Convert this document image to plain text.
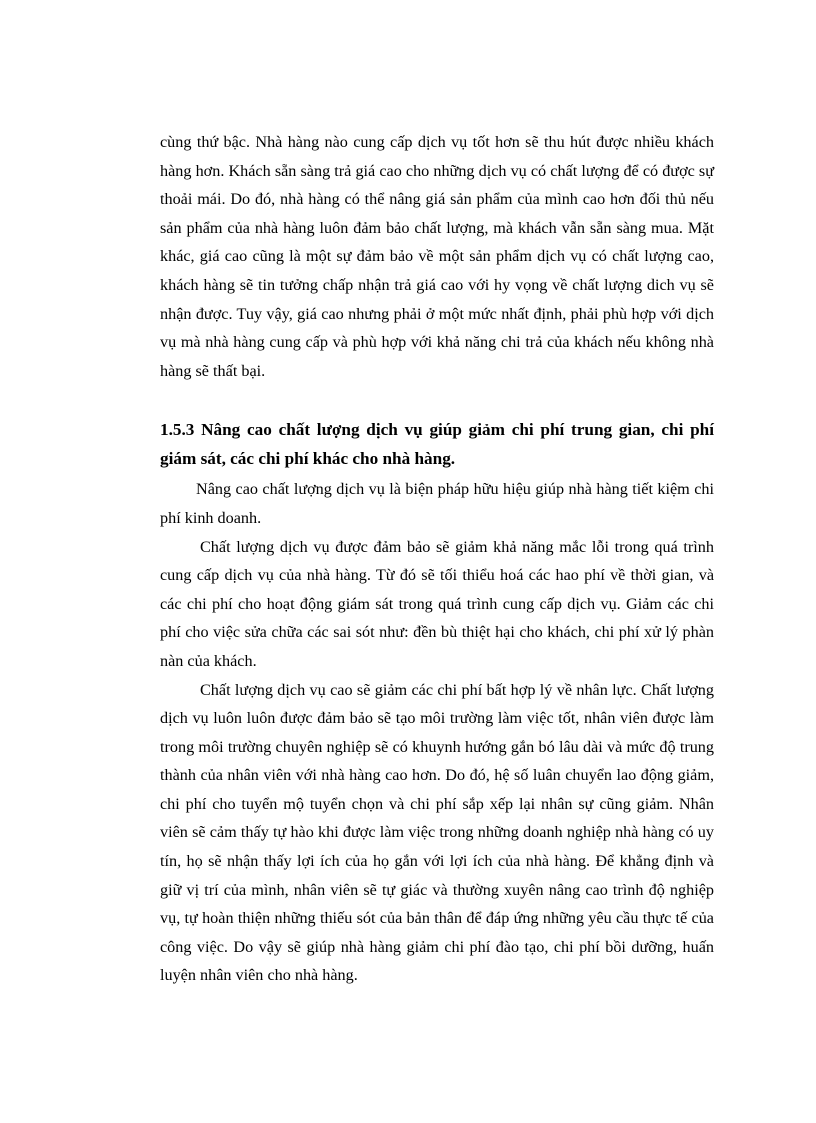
cùng thứ bậc. Nhà hàng nào cung cấp dịch vụ tốt hơn sẽ thu hút được nhiều khách hàng hơn. Khách sẵn sàng trả giá cao cho những dịch vụ có chất lượng để có được sự thoải mái. Do đó, nhà hàng có thể nâng giá sản phẩm của mình cao hơn đối thủ nếu sản phẩm của nhà hàng luôn đảm bảo chất lượng, mà khách vẫn sẵn sàng mua. Mặt khác, giá cao cũng là một sự đảm bảo về một sản phẩm dịch vụ có chất lượng cao, khách hàng sẽ tin tưởng chấp nhận trả giá cao với hy vọng về chất lượng dich vụ sẽ nhận được. Tuy vậy, giá cao nhưng phải ở một mức nhất định, phải phù hợp với dịch vụ mà nhà hàng cung cấp và phù hợp với khả năng chi trả của khách nếu không nhà hàng sẽ thất bại.

1.5.3 Nâng cao chất lượng dịch vụ giúp giảm chi phí trung gian, chi phí giám sát, các chi phí khác cho nhà hàng.

Nâng cao chất lượng dịch vụ là biện pháp hữu hiệu giúp nhà hàng tiết kiệm chi phí kinh doanh.

Chất lượng dịch vụ được đảm bảo sẽ giảm khả năng mắc lỗi trong quá trình cung cấp dịch vụ của nhà hàng. Từ đó sẽ tối thiểu hoá các hao phí về thời gian, và các chi phí cho hoạt động giám sát trong quá trình cung cấp dịch vụ. Giảm các chi phí cho việc sửa chữa các sai sót như: đền bù thiệt hại cho khách, chi phí xử lý phàn nàn của khách.

Chất lượng dịch vụ cao sẽ giảm các chi phí bất hợp lý về nhân lực. Chất lượng dịch vụ luôn luôn được đảm bảo sẽ tạo môi trường làm việc tốt, nhân viên được làm trong môi trường chuyên nghiệp sẽ có khuynh hướng gắn bó lâu dài và mức độ trung thành của nhân viên với nhà hàng cao hơn. Do đó, hệ số luân chuyển lao động giảm, chi phí cho tuyển mộ tuyển chọn và chi phí sắp xếp lại nhân sự cũng giảm. Nhân viên sẽ cảm thấy tự hào khi được làm việc trong những doanh nghiệp nhà hàng có uy tín, họ sẽ nhận thấy lợi ích của họ gắn với lợi ích của nhà hàng. Để khẳng định và giữ vị trí của mình, nhân viên sẽ tự giác và thường xuyên nâng cao trình độ nghiệp vụ, tự hoàn thiện những thiếu sót của bản thân để đáp ứng những yêu cầu thực tế của công việc. Do vậy sẽ giúp nhà hàng giảm chi phí đào tạo, chi phí bồi dưỡng, huấn luyện nhân viên cho nhà hàng.
